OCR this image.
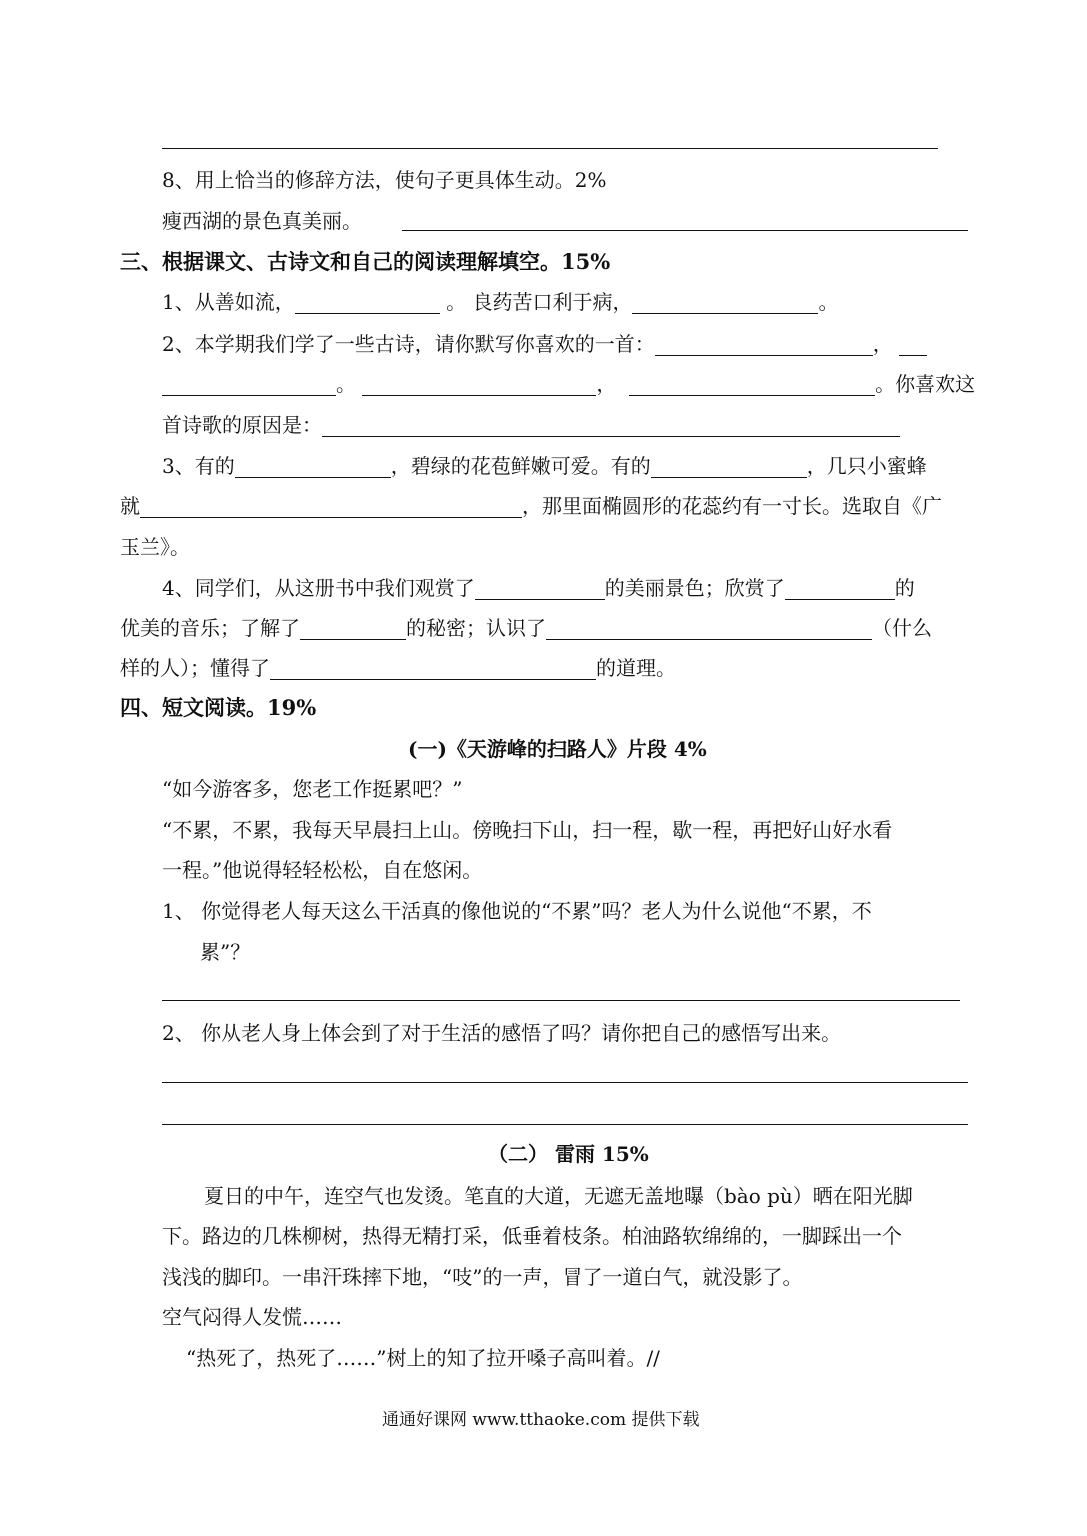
8、用上恰当的修辞方法，使句子更具体生动。2%
瘦西湖的景色真美丽。
三、根据课文、古诗文和自己的阅读理解填空。15%
1、从善如流，	。 良药苦口利于病，	。
2、本学期我们学了一些古诗，请你默写你喜欢的一首：	，
。	，	。你喜欢这
首诗歌的原因是：
3、有的	，碧绿的花苞鲜嫩可爱。有的	，几只小蜜蜂
就	，那里面椭圆形的花蕊约有一寸长。选取自《广
玉兰》。
4、同学们，从这册书中我们观赏了	的美丽景色；欣赏了	的
优美的音乐；了解了	的秘密；认识了	（什么
样的人）；懂得了	的道理。
四、短文阅读。19%
(一)《天游峰的扫路人》片段 4%
“如今游客多，您老工作挺累吧？”
“不累，不累，我每天早晨扫上山。傍晚扫下山，扫一程，歇一程，再把好山好水看
一程。”他说得轻轻松松，自在悠闲。
1、 你觉得老人每天这么干活真的像他说的“不累”吗？老人为什么说他“不累，不
累”？
2、 你从老人身上体会到了对于生活的感悟了吗？请你把自己的感悟写出来。
（二） 雷雨 15%
夏日的中午，连空气也发烫。笔直的大道，无遮无盖地曝（bào pù）晒在阳光脚
下。路边的几株柳树，热得无精打采，低垂着枝条。柏油路软绵绵的，一脚踩出一个
浅浅的脚印。一串汗珠摔下地，“吱”的一声，冒了一道白气，就没影了。
空气闷得人发慌……
“热死了，热死了……”树上的知了拉开嗓子高叫着。//
通通好课网 www.tthaoke.com 提供下载
